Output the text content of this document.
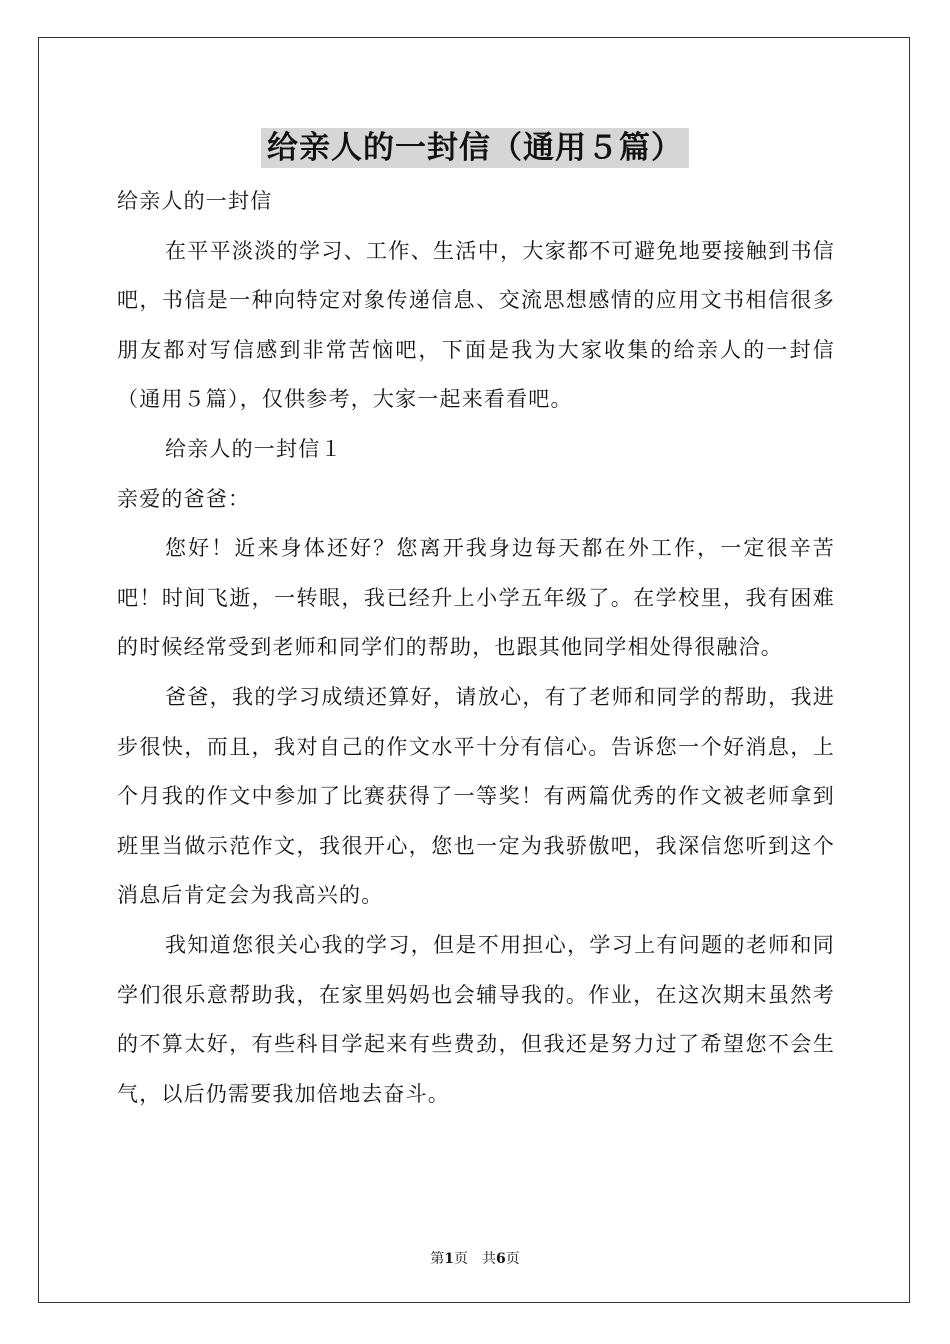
给亲人的一封信（通用５篇）

给亲人的一封信

在平平淡淡的学习、工作、生活中，大家都不可避免地要接触到书信吧，书信是一种向特定对象传递信息、交流思想感情的应用文书相信很多朋友都对写信感到非常苦恼吧，下面是我为大家收集的给亲人的一封信（通用５篇），仅供参考，大家一起来看看吧。

给亲人的一封信１

亲爱的爸爸：

您好！近来身体还好？您离开我身边每天都在外工作，一定很辛苦吧！时间飞逝，一转眼，我已经升上小学五年级了。在学校里，我有困难的时候经常受到老师和同学们的帮助，也跟其他同学相处得很融洽。

爸爸，我的学习成绩还算好，请放心，有了老师和同学的帮助，我进步很快，而且，我对自己的作文水平十分有信心。告诉您一个好消息，上个月我的作文中参加了比赛获得了一等奖！有两篇优秀的作文被老师拿到班里当做示范作文，我很开心，您也一定为我骄傲吧，我深信您听到这个消息后肯定会为我高兴的。

我知道您很关心我的学习，但是不用担心，学习上有问题的老师和同学们很乐意帮助我，在家里妈妈也会辅导我的。作业，在这次期末虽然考的不算太好，有些科目学起来有些费劲，但我还是努力过了希望您不会生气，以后仍需要我加倍地去奋斗。

第1页 共6页
